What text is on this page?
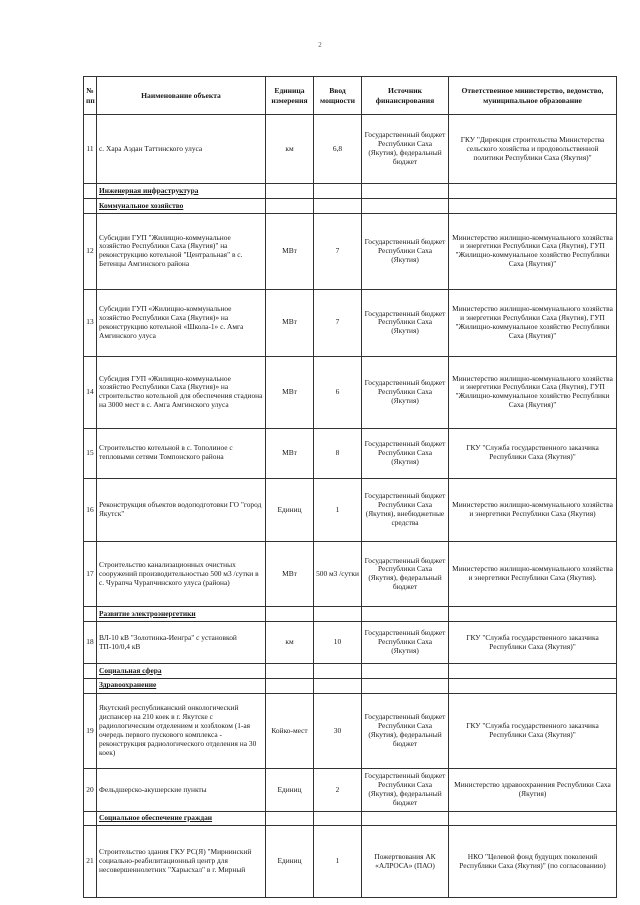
2
№ пп	Наименование объекта	Единица измерения	Ввод мощности	Источник финансирования	Ответственное министерство, ведомство, муниципальное образование
11	с. Хара Аэдан Таттинского улуса	км	6,8	Государственный бюджет Республики Саха (Якутия), федеральный бюджет	ГКУ "Дирекция строительства Министерства сельского хозяйства и продовольственной политики Республики Саха (Якутия)"
	Инженерная инфраструктура				
	Коммунальное хозяйство				
12	Субсидии ГУП "Жилищно-коммунальное хозяйство Республики Саха (Якутия)" на реконструкцию котельной "Центральная" в с. Бетенцы Амгинского района	МВт	7	Государственный бюджет Республики Саха (Якутия)	Министерство жилищно-коммунального хозяйства и энергетики Республики Саха (Якутия), ГУП "Жилищно-коммунальное хозяйство Республики Саха (Якутия)"
13	Субсидии ГУП «Жилищно-коммунальное хозяйство Республики Саха (Якутия)» на реконструкцию котельной «Школа-1» с. Амга Амгинского улуса	МВт	7	Государственный бюджет Республики Саха (Якутия)	Министерство жилищно-коммунального хозяйства и энергетики Республики Саха (Якутия), ГУП "Жилищно-коммунальное хозяйство Республики Саха (Якутия)"
14	Субсидия ГУП «Жилищно-коммунальное хозяйство Республики Саха (Якутия)» на строительство котельной для обеспечения стадиона на 3000 мест в с. Амга Амгинского улуса	МВт	6	Государственный бюджет Республики Саха (Якутия)	Министерство жилищно-коммунального хозяйства и энергетики Республики Саха (Якутия), ГУП "Жилищно-коммунальное хозяйство Республики Саха (Якутия)"
15	Строительство котельной в с. Тополиное с тепловыми сетями Томпонского района	МВт	8	Государственный бюджет Республики Саха (Якутия)	ГКУ "Служба государственного заказчика Республики Саха (Якутия)"
16	Реконструкция объектов водоподготовки ГО "город Якутск"	Единиц	1	Государственный бюджет Республики Саха (Якутия), внебюджетные средства	Министерство жилищно-коммунального хозяйства и энергетики Республики Саха (Якутия)
17	Строительство канализационных очистных сооружений производительностью 500 м3 /сутки в с. Чурапча Чурапчинского улуса (района)	МВт	500 м3 /сутки	Государственный бюджет Республики Саха (Якутия), федеральный бюджет	Министерство жилищно-коммунального хозяйства и энергетики Республики Саха (Якутия).
	Развитие электроэнергетики				
18	ВЛ-10 кВ "Золотинка-Иенгра" с установкой ТП-10/0,4 кВ	км	10	Государственный бюджет Республики Саха (Якутия)	ГКУ "Служба государственного заказчика Республики Саха (Якутия)"
	Социальная сфера				
	Здравоохранение				
19	Якутский республиканский онкологический диспансер на 210 коек в г. Якутске с радиологическим отделением и хозблоком (1-ая очередь первого пускового комплекса - реконструкция радиологического отделения на 30 коек)	Койко-мест	30	Государственный бюджет Республики Саха (Якутия), федеральный бюджет	ГКУ "Служба государственного заказчика Республики Саха (Якутия)"
20	Фельдшерско-акушерские пункты	Единиц	2	Государственный бюджет Республики Саха (Якутия), федеральный бюджет	Министерство здравоохранения Республики Саха (Якутия)
	Социальное обеспечение граждан				
21	Строительство здания ГКУ РС(Я) "Мирнинский социально-реабилитационный центр для несовершеннолетних "Харысхал" в г. Мирный	Единиц	1	Пожертвования АК «АЛРОСА» (ПАО)	НКО "Целевой фонд будущих поколений Республики Саха (Якутия)" (по согласованию)
